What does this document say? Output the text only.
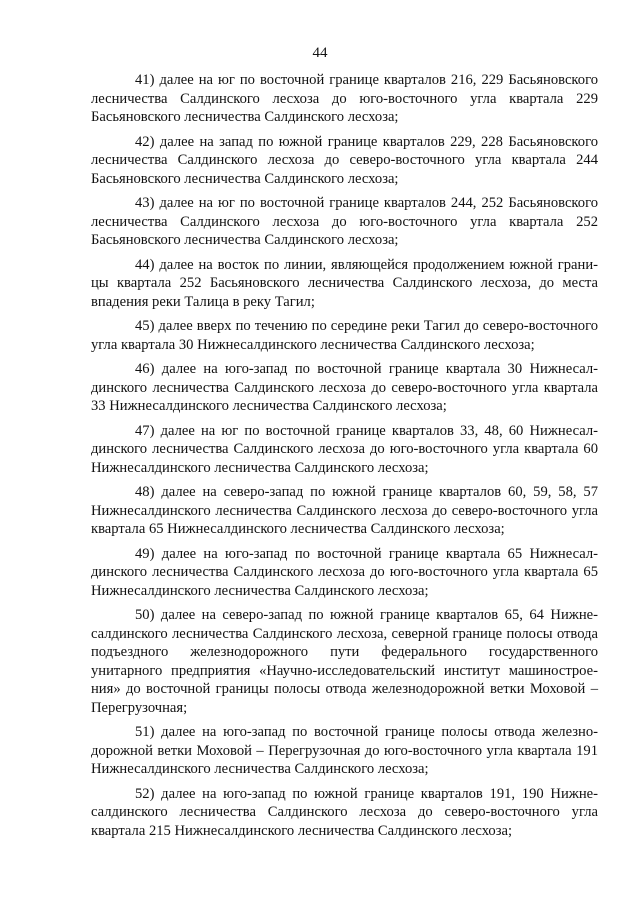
44

41) далее на юг по восточной границе кварталов 216, 229 Басьяновского лесничества Салдинского лесхоза до юго-восточного угла квартала 229 Басьяновского лесничества Салдинского лесхоза;

42) далее на запад по южной границе кварталов 229, 228 Басьяновского лесничества Салдинского лесхоза до северо-восточного угла квартала 244 Басьяновского лесничества Салдинского лесхоза;

43) далее на юг по восточной границе кварталов 244, 252 Басьяновского лесничества Салдинского лесхоза до юго-восточного угла квартала 252 Басьяновского лесничества Салдинского лесхоза;

44) далее на восток по линии, являющейся продолжением южной границы квартала 252 Басьяновского лесничества Салдинского лесхоза, до места впадения реки Талица в реку Тагил;

45) далее вверх по течению по середине реки Тагил до северо-восточного угла квартала 30 Нижнесалдинского лесничества Салдинского лесхоза;

46) далее на юго-запад по восточной границе квартала 30 Нижнесалдинского лесничества Салдинского лесхоза до северо-восточного угла квартала 33 Нижнесалдинского лесничества Салдинского лесхоза;

47) далее на юг по восточной границе кварталов 33, 48, 60 Нижнесалдинского лесничества Салдинского лесхоза до юго-восточного угла квартала 60 Нижнесалдинского лесничества Салдинского лесхоза;

48) далее на северо-запад по южной границе кварталов 60, 59, 58, 57 Нижнесалдинского лесничества Салдинского лесхоза до северо-восточного угла квартала 65 Нижнесалдинского лесничества Салдинского лесхоза;

49) далее на юго-запад по восточной границе квартала 65 Нижнесалдинского лесничества Салдинского лесхоза до юго-восточного угла квартала 65 Нижнесалдинского лесничества Салдинского лесхоза;

50) далее на северо-запад по южной границе кварталов 65, 64 Нижнесалдинского лесничества Салдинского лесхоза, северной границе полосы отвода подъездного железнодорожного пути федерального государственного унитарного предприятия «Научно-исследовательский институт машиностроения» до восточной границы полосы отвода железнодорожной ветки Моховой – Перегрузочная;

51) далее на юго-запад по восточной границе полосы отвода железнодорожной ветки Моховой – Перегрузочная до юго-восточного угла квартала 191 Нижнесалдинского лесничества Салдинского лесхоза;

52) далее на юго-запад по южной границе кварталов 191, 190 Нижнесалдинского лесничества Салдинского лесхоза до северо-восточного угла квартала 215 Нижнесалдинского лесничества Салдинского лесхоза;
